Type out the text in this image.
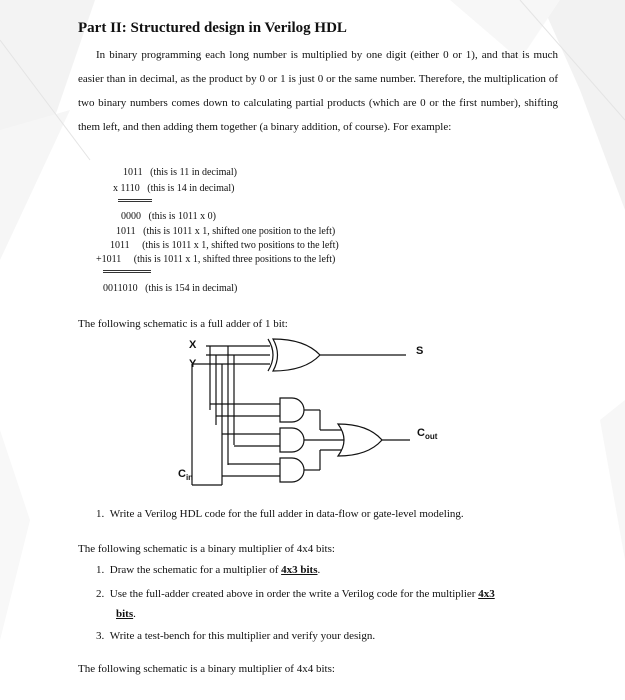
Part II: Structured design in Verilog HDL
In binary programming each long number is multiplied by one digit (either 0 or 1), and that is much easier than in decimal, as the product by 0 or 1 is just 0 or the same number. Therefore, the multiplication of two binary numbers comes down to calculating partial products (which are 0 or the first number), shifting them left, and then adding them together (a binary addition, of course). For example:
1011   (this is 11 in decimal)
x 1110   (this is 14 in decimal)
0000   (this is 1011 x 0)
1011   (this is 1011 x 1, shifted one position to the left)
1011     (this is 1011 x 1, shifted two positions to the left)
+1011     (this is 1011 x 1, shifted three positions to the left)
0011010   (this is 154 in decimal)
The following schematic is a full adder of 1 bit:
X
Y
S
$C_{out}$
$C_{in}$
1. Write a Verilog HDL code for the full adder in data-flow or gate-level modeling.
The following schematic is a binary multiplier of 4x4 bits:
1. Draw the schematic for a multiplier of 4x3 bits.
2. Use the full-adder created above in order the write a Verilog code for the multiplier 4x3
bits.
3. Write a test-bench for this multiplier and verify your design.
The following schematic is a binary multiplier of 4x4 bits:
